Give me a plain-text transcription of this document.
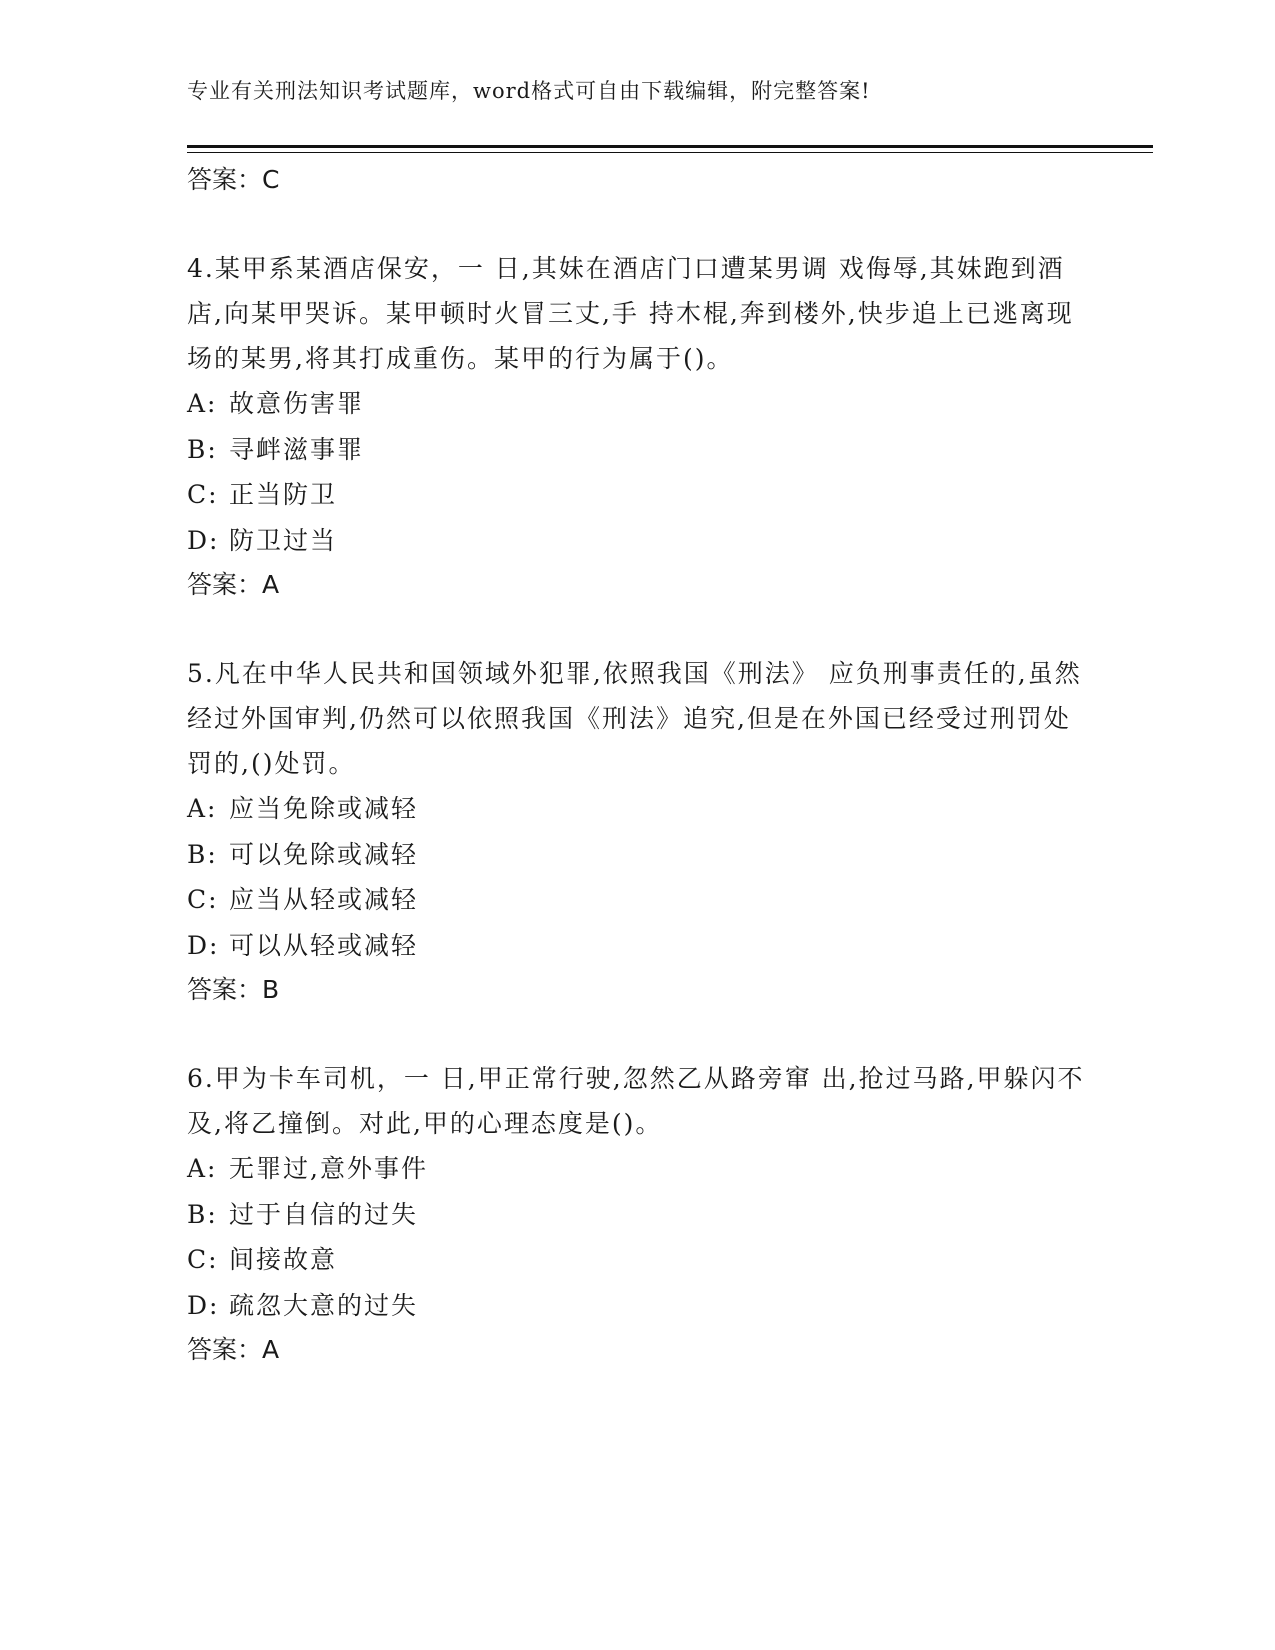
专业有关刑法知识考试题库，word格式可自由下载编辑，附完整答案!
答案：C

4.某甲系某酒店保安，一 日,其妹在酒店门口遭某男调 戏侮辱,其妹跑到酒店,向某甲哭诉。某甲顿时火冒三丈,手 持木棍,奔到楼外,快步追上已逃离现场的某男,将其打成重伤。某甲的行为属于()。

A: 故意伤害罪
B: 寻衅滋事罪
C: 正当防卫
D: 防卫过当
答案：A

5.凡在中华人民共和国领域外犯罪,依照我国《刑法》 应负刑事责任的,虽然经过外国审判,仍然可以依照我国《刑法》追究,但是在外国已经受过刑罚处罚的,()处罚。

A: 应当免除或减轻
B: 可以免除或减轻
C: 应当从轻或减轻
D: 可以从轻或减轻
答案：B

6.甲为卡车司机，一 日,甲正常行驶,忽然乙从路旁窜 出,抢过马路,甲躲闪不及,将乙撞倒。对此,甲的心理态度是()。

A: 无罪过,意外事件
B: 过于自信的过失
C: 间接故意
D: 疏忽大意的过失
答案：A
